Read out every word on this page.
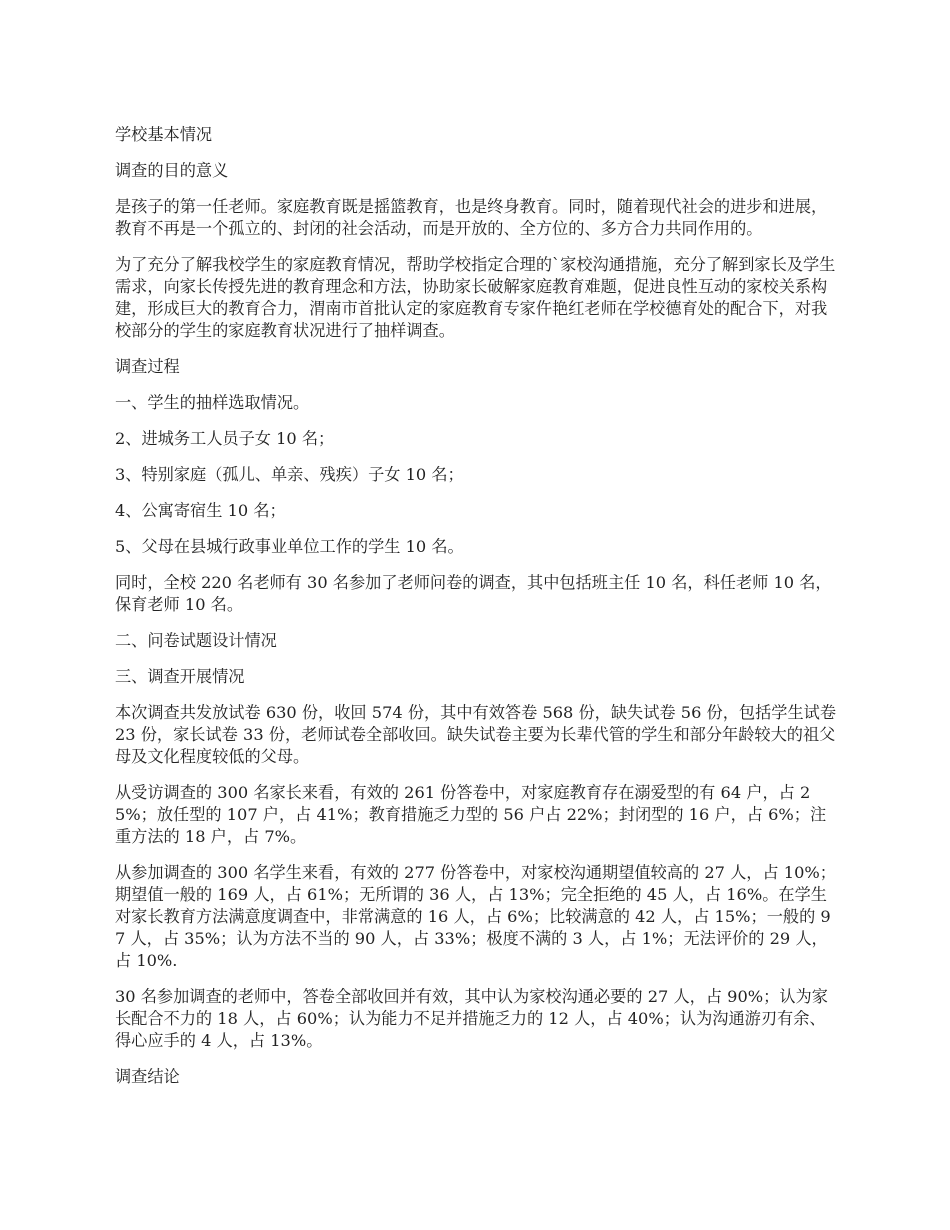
学校基本情况

调查的目的意义

是孩子的第一任老师。家庭教育既是摇篮教育，也是终身教育。同时，随着现代社会的进步和进展，教育不再是一个孤立的、封闭的社会活动，而是开放的、全方位的、多方合力共同作用的。

为了充分了解我校学生的家庭教育情况，帮助学校指定合理的`家校沟通措施，充分了解到家长及学生需求，向家长传授先进的教育理念和方法，协助家长破解家庭教育难题，促进良性互动的家校关系构建，形成巨大的教育合力，渭南市首批认定的家庭教育专家仵艳红老师在学校德育处的配合下，对我校部分的学生的家庭教育状况进行了抽样调查。

调查过程

一、学生的抽样选取情况。

2、进城务工人员子女 10 名；

3、特别家庭（孤儿、单亲、残疾）子女 10 名；

4、公寓寄宿生 10 名；

5、父母在县城行政事业单位工作的学生 10 名。

同时，全校 220 名老师有 30 名参加了老师问卷的调查，其中包括班主任 10 名，科任老师 10 名，保育老师 10 名。

二、问卷试题设计情况

三、调查开展情况

本次调查共发放试卷 630 份，收回 574 份，其中有效答卷 568 份，缺失试卷 56 份，包括学生试卷 23 份，家长试卷 33 份，老师试卷全部收回。缺失试卷主要为长辈代管的学生和部分年龄较大的祖父母及文化程度较低的父母。

从受访调查的 300 名家长来看，有效的 261 份答卷中，对家庭教育存在溺爱型的有 64 户，占 25%；放任型的 107 户，占 41%；教育措施乏力型的 56 户占 22%；封闭型的 16 户，占 6%；注重方法的 18 户，占 7%。

从参加调查的 300 名学生来看，有效的 277 份答卷中，对家校沟通期望值较高的 27 人，占 10%；期望值一般的 169 人，占 61%；无所谓的 36 人，占 13%；完全拒绝的 45 人，占 16%。在学生对家长教育方法满意度调查中，非常满意的 16 人，占 6%；比较满意的 42 人，占 15%；一般的 97 人，占 35%；认为方法不当的 90 人，占 33%；极度不满的 3 人，占 1%；无法评价的 29 人，占 10%.

30 名参加调查的老师中，答卷全部收回并有效，其中认为家校沟通必要的 27 人，占 90%；认为家长配合不力的 18 人，占 60%；认为能力不足并措施乏力的 12 人，占 40%；认为沟通游刃有余、得心应手的 4 人，占 13%。

调查结论
